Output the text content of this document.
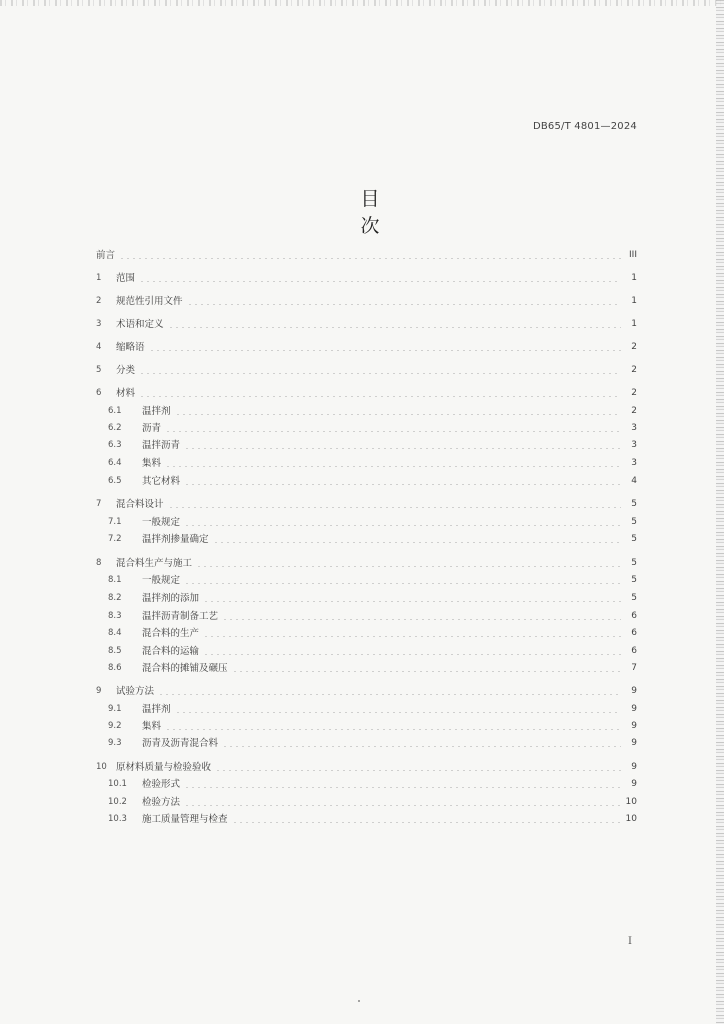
DB65/T 4801—2024
目　次
前言	III
1	范围	1
2	规范性引用文件	1
3	术语和定义	1
4	缩略语	2
5	分类	2
6	材料	2
6.1	温拌剂	2
6.2	沥青	3
6.3	温拌沥青	3
6.4	集料	3
6.5	其它材料	4
7	混合料设计	5
7.1	一般规定	5
7.2	温拌剂掺量确定	5
8	混合料生产与施工	5
8.1	一般规定	5
8.2	温拌剂的添加	5
8.3	温拌沥青制备工艺	6
8.4	混合料的生产	6
8.5	混合料的运输	6
8.6	混合料的摊铺及碾压	7
9	试验方法	9
9.1	温拌剂	9
9.2	集料	9
9.3	沥青及沥青混合料	9
10 原材料质量与检验验收	9
10.1	检验形式	9
10.2	检验方法	10
10.3	施工质量管理与检查	10
I
